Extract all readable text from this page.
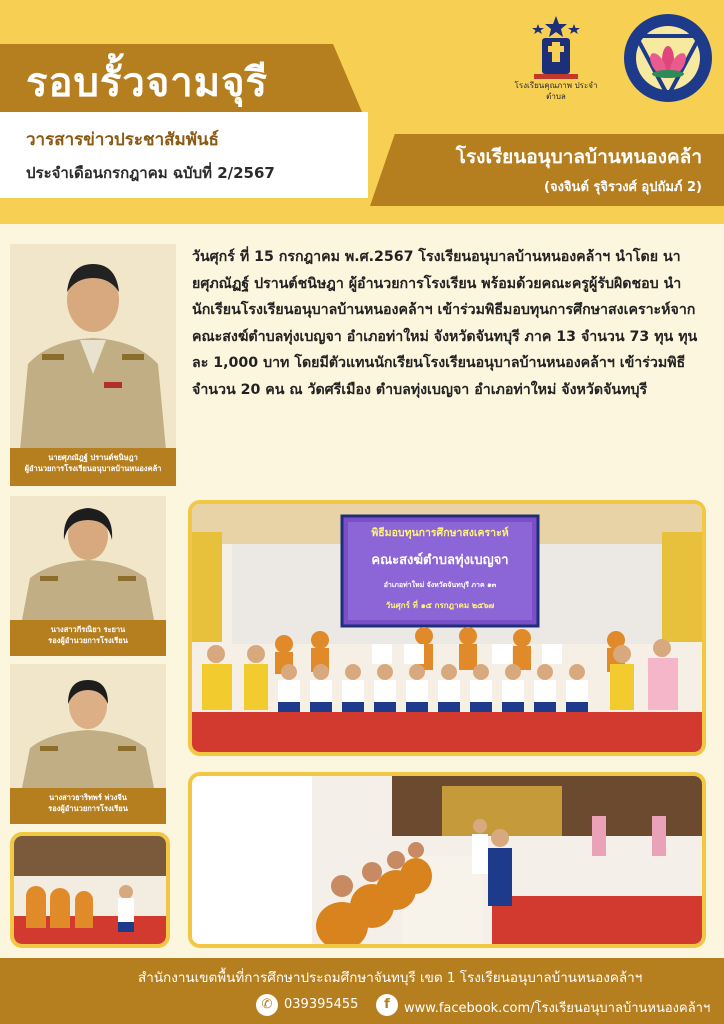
รอบรั้วจามจุรี
วารสารข่าวประชาสัมพันธ์
ประจำเดือนกรกฎาคม ฉบับที่ 2/2567
โรงเรียนอนุบาลบ้านหนองคล้า
(จงจินต์ รุจิรวงศ์ อุปถัมภ์ 2)
โรงเรียนคุณภาพ ประจำตำบล
นายศุภณัฎฐ์ ปรานต์ชนิษฎา
ผู้อำนวยการโรงเรียนอนุบาลบ้านหนองคล้า
นางสาวกีรณิยา ระยาน
รองผู้อำนวยการโรงเรียน
นางสาวธาริทพร์ พ่วงจีน
รองผู้อำนวยการโรงเรียน
วันศุกร์ ที่ 15 กรกฎาคม พ.ศ.2567 โรงเรียนอนุบาลบ้านหนองคล้าฯ นำโดย นายศุภณัฏฐ์ ปรานต์ชนิษฎา ผู้อำนวยการโรงเรียน พร้อมด้วยคณะครูผู้รับผิดชอบ นำนักเรียนโรงเรียนอนุบาลบ้านหนองคล้าฯ เข้าร่วมพิธีมอบทุนการศึกษาสงเคราะห์จากคณะสงฆ์ตำบลทุ่งเบญจา อำเภอท่าใหม่ จังหวัดจันทบุรี ภาค 13 จำนวน 73 ทุน ทุนละ 1,000 บาท โดยมีตัวแทนนักเรียนโรงเรียนอนุบาลบ้านหนองคล้าฯ เข้าร่วมพิธีจำนวน 20 คน ณ วัดศรีเมือง ตำบลทุ่งเบญจา อำเภอท่าใหม่ จังหวัดจันทบุรี
พิธีมอบทุนการศึกษาสงเคราะห์
คณะสงฆ์ตำบลทุ่งเบญจา
อำเภอท่าใหม่ จังหวัดจันทบุรี ภาค ๑๓
วันศุกร์ ที่ ๑๕ กรกฎาคม ๒๕๖๗
สำนักงานเขตพื้นที่การศึกษาประถมศึกษาจันทบุรี เขต 1 โรงเรียนอนุบาลบ้านหนองคล้าฯ
✆ 039395455	f	www.facebook.com/โรงเรียนอนุบาลบ้านหนองคล้าฯ
